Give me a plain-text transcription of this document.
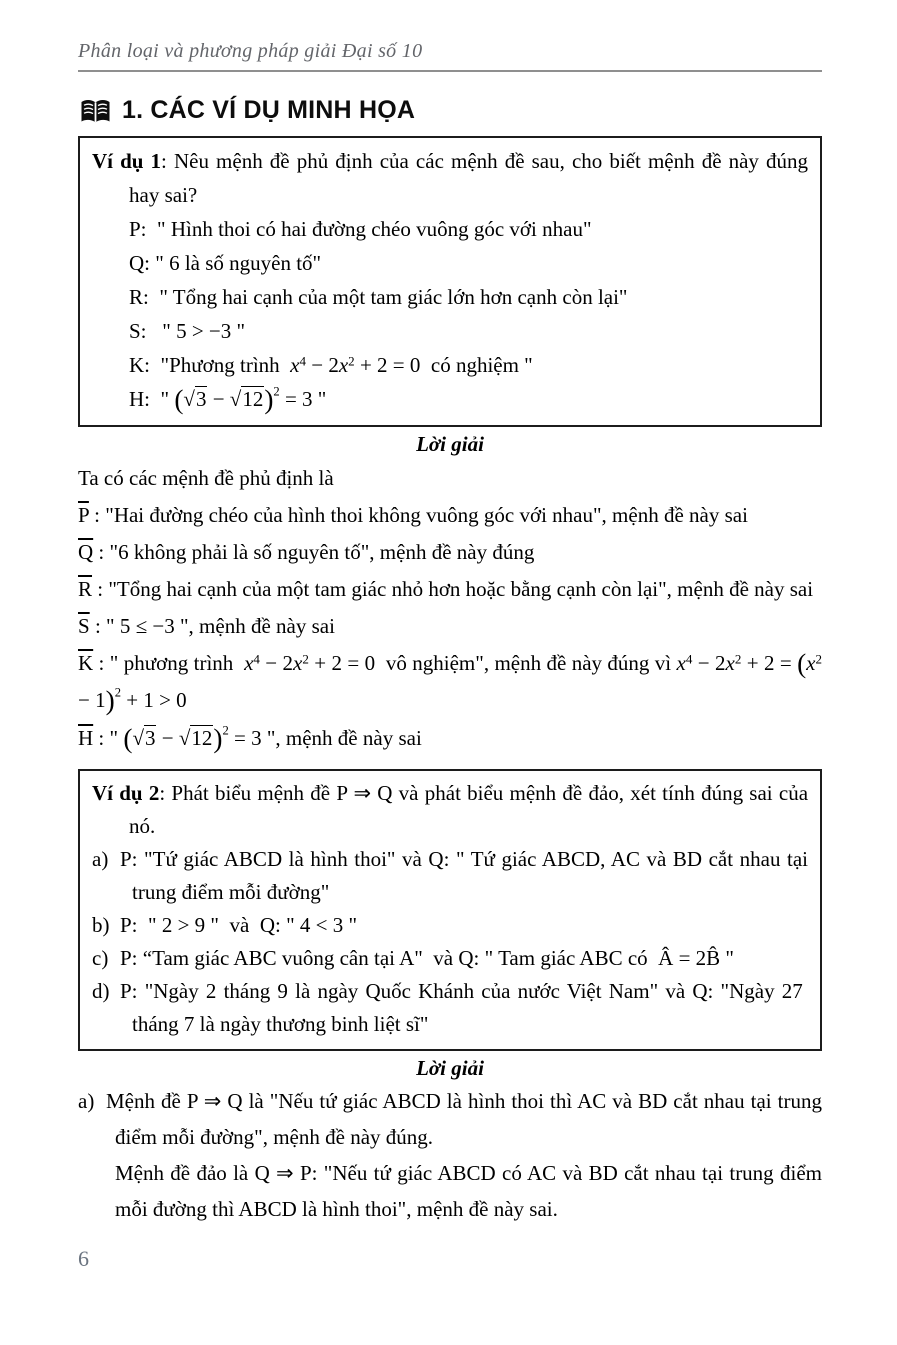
Phân loại và phương pháp giải Đại số 10
1. CÁC VÍ DỤ MINH HỌA
Ví dụ 1: Nêu mệnh đề phủ định của các mệnh đề sau, cho biết mệnh đề này đúng hay sai?
P:  " Hình thoi có hai đường chéo vuông góc với nhau"
Q: " 6 là số nguyên tố"
R:  " Tổng hai cạnh của một tam giác lớn hơn cạnh còn lại"
S:   " 5 > −3 "
K:  "Phương trình  $x^4 - 2x^2 + 2 = 0$  có nghiệm "
H:  " $(√3 - √12)^2 = 3$ "
Lời giải

Ta có các mệnh đề phủ định là

$\overline{P}$ : "Hai đường chéo của hình thoi không vuông góc với nhau", mệnh đề này sai

$\overline{Q}$ : "6 không phải là số nguyên tố", mệnh đề này đúng

$\overline{R}$ : "Tổng hai cạnh của một tam giác nhỏ hơn hoặc bằng cạnh còn lại", mệnh đề này sai

$\overline{S}$ : " 5 ≤ −3 ", mệnh đề này sai

$\overline{K}$ : " phương trình  $x^4 - 2x^2 + 2 = 0$  vô nghiệm", mệnh đề này đúng vì $x^4 - 2x^2 + 2 = (x^2 - 1)^2 + 1 > 0$

$\overline{H}$ : " $(√3 - √12)^2 = 3$ ", mệnh đề này sai

Ví dụ 2: Phát biểu mệnh đề P ⇒ Q và phát biểu mệnh đề đảo, xét tính đúng sai của nó.
a) P: "Tứ giác ABCD là hình thoi" và Q: " Tứ giác ABCD, AC và BD cắt nhau tại trung điểm mỗi đường"
b) P:  " 2 > 9 "  và  Q: " 4 < 3 "
c) P: “Tam giác ABC vuông cân tại A"  và Q: " Tam giác ABC có  Â = 2B̂ "
d) P: "Ngày 2 tháng 9 là ngày Quốc Khánh của nước Việt Nam" và Q: "Ngày 27  tháng 7 là ngày thương binh liệt sĩ"
Lời giải

a) Mệnh đề P ⇒ Q là "Nếu tứ giác ABCD là hình thoi thì AC và BD cắt nhau tại trung điểm mỗi đường", mệnh đề này đúng.

Mệnh đề đảo là Q ⇒ P: "Nếu tứ giác ABCD có AC và BD cắt nhau tại trung điểm mỗi đường thì ABCD là hình thoi", mệnh đề này sai.

6
